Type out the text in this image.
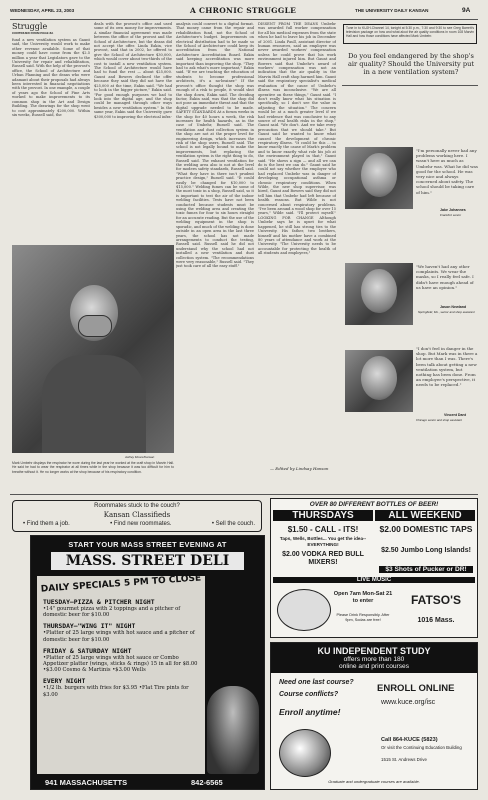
WEDNESDAY, APRIL 23, 2003	A CHRONIC STRUGGLE	THE UNIVERSITY DAILY KANSAN	9A
Struggle
CONTINUED FROM PAGE 8A
fund a new ventilation system as Gaunt said, the University would work to make other revenue available. Some of that money could have come from the $2.5 million a year that Legislators gave to the University for repair and rehabilitation, Russell said. With the help of the provost's office, the School of Architecture and Urban Planning and the deans who were adamant about their proposals had always been interested in financial negotiations with the provost. In one example, a couple of years ago the School of Fine Arts worked to make improvements to its common shop in the Art and Design Building. The drawings for the shop went to cost approximately $200,000. Within six weeks, Russell said, the
deals with the provost's office and used some of its own money for improvements. A similar financial agreement was made between the office of the provost and the School of Architecture, but the deans did not accept the offer. Linda Eakin, vice provost, said that in 2002, he offered to give the School of Architecture $30,000, which would cover about two-thirds of the cost to install a new ventilation system. The School of Architecture would have had to fund the rest — about $25,000. Gaunt and Bowers declined the offer because they said they did not have the $25,000 at the time, Eakin said. "We had to look in the bigger picture," Eakin said. "For good enough purposes we had to look into the digital age, and the shop could be managed through other ways besides a new ventilation system." In the same year, Eakin said the University gave $300,000 to improving the electrical infra-
analysis could convert to a digital format. That money came from the repair and rehabilitation fund, not the School of Architecture's budget. Improvements on electrical distribution had to be made so the School of Architecture could keep its accreditation from the National Architecture Accreditation Board. Eakin said keeping accreditation was more important than improving the shop. "They had to ask what's more important," Eakin said. "If we are teaching the education of students to become professional architects, it's a no-brainer." If the provost's office thought the shop was enough of a risk to people, it would shut the shop down, Eakin said. The deciding factor, Eakin said, was that the shop did not pose an immediate threat and that the digital upgrade needed to be made. SAFETY STANDARDS At a forum weeks in the shop for 40 hours a week, the risk increases for health hazards, as in the case of Umbehr, Russell said. The ventilation and dust collection system in the shop are not at the proper level for engineering design, which increases the risk of the shop users, Russell said. The school is not legally bound to make the improvements, but replacing the ventilation system is the right thing to do, Russell said. The exhaust ventilation for the welding area also is not at the level for modern safety standards, Russell said. "What they have in there isn't prudent practice design," Russell said. "It could easily be changed for $10,000 to $15,000." Welding fumes can be some of the most toxic in a shop, Russell said, so it is important to test the air of the indoor welding facilities. Tests have not been conducted because students must be using the welding area and creating the toxic fumes for four to six hours straight for an accurate reading. But the use of the welding equipment in the shop is sporadic, and much of the welding is done outside in an open area in the last three years, the school has not made arrangements to conduct the testing, Russell said. Russell said he did not understand why the school had not installed a new ventilation and dust collection system. "The recommendations were very reasonable," Russell said. "They just took care of all the easy stuff."
DISSENT FROM THE DEANS Umbehr was awarded full worker compensation for all his medical expenses from the state when he had to leave his job in December of 2001. Linda Paull, assistant director of human resources, said an employee was never awarded workers' compensation unless he could prove that his work environment injured him. But Gaunt and Bowers said that Umbehr's award of workers' compensation was not an indication that the air quality in the Marvin Hall craft shop harmed him. Gaunt said the respiratory specialist's medical evaluation of the cause of Umbehr's illness was inconclusive. "We are all operative on these things," Gaunt said. "I don't really know what his situation is specifically, so I don't see the value in adjusting the situation." The concern would be at a much greater level if we had evidence that was conclusive to any source of real health risks in the shop," Gaunt said. "We don't. And we take every precaution that we should take." But Gaunt said he wanted to know what caused the development of chronic respiratory illness. "It could be this ... to know exactly the cause of Mark's problem and to know exactly what role his job at the environment played in that," Gaunt said. "He shows a sign — and all we can do is the best we can do." Gaunt said he could not say whether the employer who had replaced Umbehr was in danger of developing occupational asthma or chronic respiratory conditions. When Wilde, the new shop supervisor, was hired, Gaunt and Bowers said they did not tell him that Umbehr had left because of health reasons. But Wilde is not concerned about respiratory problems. "I've been around a wood shop for over 15 years," Wilde said. "I'll protect myself." LOOKING FOR CHANGE Although Umbehr says he is upset for what happened, he still has strong ties to the University. His father, two brothers, himself and his mother have a combined 80 years of attendance and work at the University. "The University needs to be accountable for protecting the health of all students and employees,"
— Edited by Lindsay Hanson
Ashley Moore/Kansan
Mark Umbehr displays the respirator he wore during the last year he worked at the craft shop in Marvin Hall. He said he had to wear the respirator at all times while in the shop because it was too difficult for him to breathe without it. He no longer works at the shop because of his respiratory condition.
Tune in to KUJH-Channel 14, tonight at 5:30 p.m., 7:30 and 9:30 to see Greg Barrett's television package on how and what alout the air quality conditions in room 108 Marvin Hall and how those conditions have affected Mark Umbehr.
Do you feel endangered by the shop's air quality? Should the University put in a new ventilation system?
"I'm personally never had any problems working here. I wasn't here as much as Umbehr was. What he did was good for the school. He was very nice and always concerned about safety. The school should be taking care of him."
Jake Johannes
Frankfort senior
"We haven't had any other complaints. We wear the masks, so I really feel safe. I didn't have enough ahead of us have an opinion."
Jason Newland
Springfield, Mo., senior and shop assistant
"I don't feel in danger in the shop. But Mark was in there a lot more than I was. There's been talk about getting a new ventilation system, but nothing has been done. From an employee's perspective, it needs to be replaced."
Vincent Dant
Chicago senior and shop assistant
Roommates stuck to the couch?
Kansan Classifieds
• Find them a job.	• Find new roommates.	• Sell the couch.
START YOUR MASS STREET EVENING AT
MASS. STREET DELI
DAILY SPECIALS 5 PM TO CLOSE
TUESDAY–PIZZA & PITCHER NIGHT
•14" gourmet pizza with 2 toppings and a pitcher of domestic beer for $10.00
THURSDAY–"WING IT" NIGHT
•Platter of 25 large wings with hot sauce and a pitcher of domestic beer for $10.00
FRIDAY & SATURDAY NIGHT
•Platter of 25 large wings with hot sauce or Combo Appetizer platter (wings, sticks & rings) 15 in all for $8.00 •$3.00 Cosmo & Martinis •$3.00 Wells
EVERY NIGHT
•1/2 lb. burgers with fries for $3.95 •Flat Tire pints for $3.00
941 MASSACHUSETTS	842-6565
OVER 80 DIFFERENT BOTTLES OF BEER!
THURSDAYS	ALL WEEKEND
$1.50 - CALL - ITS!
Taps, Wells, Bottles... You get the idea-- EVERYTHING!
$2.00 VODKA RED BULL MIXERS!
$2.00 DOMESTIC TAPS
$2.50 Jumbo Long Islands!
$3 Shots of Pucker or DR!
LIVE MUSIC
Open 7am Mon-Sat 21 to enter
Please Drink Responsibly. After 9pm, Sodas are free!
FATSO'S
1016 Mass.
KU INDEPENDENT STUDY
offers more than 180
online and print courses
Need one last course?
Course conflicts?
Enroll anytime!
ENROLL ONLINE
www.kuce.org/isc
Call 864-KUCE (5823)
Or visit the Continuing Education Building
1515 St. Andrews Drive
Graduate and undergraduate courses are available.
